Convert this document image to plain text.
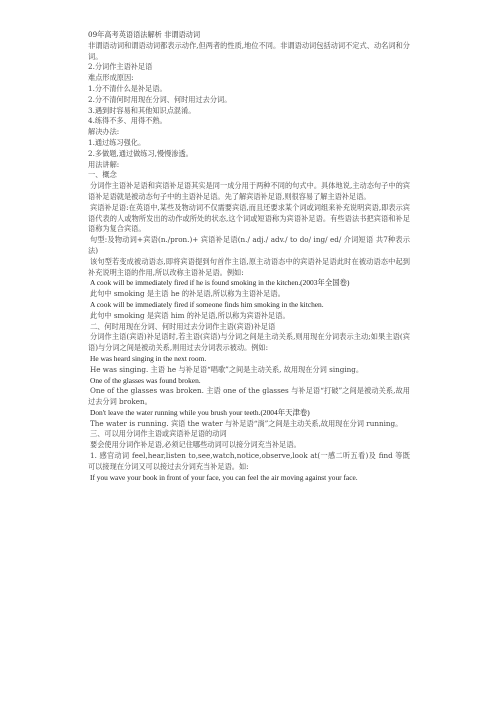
09年高考英语语法解析 非谓语动词

非谓语动词和谓语动词都表示动作,但两者的性质,地位不同。非谓语动词包括动词不定式、动名词和分词。

2.分词作主语补足语

难点形成原因:

1.分不清什么是补足语。

2.分不清何时用现在分词、何时用过去分词。

3.遇到时容易和其他知识点混淆。

4.练得不多、用得不熟。

解决办法:

1.通过练习强化。

2.多做题,通过做练习,慢慢渗透。

用法讲解:

一、概念

分词作主语补足语和宾语补足语其实是同一成分用于两种不同的句式中。具体地说,主动态句子中的宾语补足语就是被动态句子中的主语补足语。先了解宾语补足语,则很容易了解主语补足语。

宾语补足语:在英语中,某些及物动词不仅需要宾语,而且还要求某个词或词组来补充说明宾语,即表示宾语代表的人或物所发出的动作或所处的状态,这个词或短语称为宾语补足语。有些语法书把宾语和补足语称为复合宾语。

句型:及物动词+宾语(n./pron.)+ 宾语补足语(n./ adj./ adv./ to do/ ing/ ed/ 介词短语 共7种表示法)

该句型若变成被动语态,即将宾语提到句首作主语,原主动语态中的宾语补足语此时在被动语态中起到补充说明主语的作用,所以改称主语补足语。例如:

A cook will be immediately fired if he is found smoking in the kitchen.(2003年全国卷)

此句中 smoking 是主语 he 的补足语,所以称为主语补足语。

A cook will be immediately fired if someone finds him smoking in the kitchen.

此句中 smoking 是宾语 him 的补足语,所以称为宾语补足语。

二、何时用现在分词、何时用过去分词作主语(宾语)补足语

分词作主语(宾语)补足语时,若主语(宾语)与分词之间是主动关系,则用现在分词表示主动;如果主语(宾语)与分词之间是被动关系,则用过去分词表示被动。例如:

He was heard singing in the next room.

He was singing. 主语 he 与补足语“唱歌”之间是主动关系, 故用现在分词 singing。

One of the glasses was found broken.

One of the glasses was broken. 主语 one of the glasses 与补足语“打破”之间是被动关系,故用过去分词 broken。

Don't leave the water running while you brush your teeth.(2004年天津卷)

The water is running. 宾语 the water 与补足语“淌”之间是主动关系,故用现在分词 running。

三、可以用分词作主语或宾语补足语的动词

要会使用分词作补足语,必须记住哪些动词可以接分词充当补足语。

1. 感官动词 feel,hear,listen to,see,watch,notice,observe,look at(一感二听五看)及 find 等既可以接现在分词又可以接过去分词充当补足语。如:

If you wave your book in front of your face, you can feel the air moving against your face.
